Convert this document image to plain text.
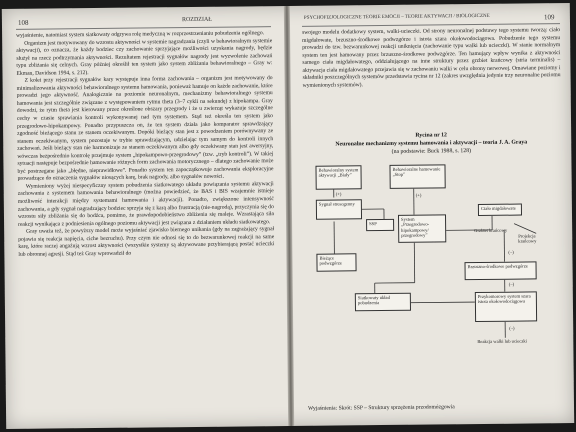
108	ROZDZIAŁ

wyjaśnienie, natomiast system siatkowaty odgrywa rolę medyczną w rozprzestrzenianiu pobudzenia ogólnego.

Organizm jest motywowany do wzrostu aktywności w systemie nagradzania (czyli w behawioralnym systemie aktywacji), co oznacza, że każdy bodziec czy zachowanie sprzyjające możliwości uzyskania nagrody, będzie służył na rzecz podtrzymania aktywności. Rezultatem rejestracji sygnałów nagrody jest wyzwolenie zachowań typu zbliżania się celnych. Gray później określił ten system jako system zbliżania behawioralnego – Gray w: Ekman, Davidson 1994, s. 212).

Z kolei przy rejestracji sygnałów kary występuje inna forma zachowania – organizm jest motywowany do minimalizowania aktywności behawioralnego systemu hamowania, ponieważ hamuje on każde zachowanie, które prowadzi jego aktywność. Analogicznie na poziomie neuronalnym, mechanizmy behawioralnego systemu hamowania jest szczególnie związane z występowaniem rytmu theta (3–7 cykli na sekundę) z hipokampa. Gray dowodzi, że rytm theta jest kierowany przez określone obszary przegrody i że u zwierząt wykazuje szczególne cechy w czasie sprawiania kontroli wykonywanej nad tym systemem. Stąd też określa ten system jako przegrodowo-hipokampowy. Ponadto przypuszcza on, że ten system działa jako komparator sprawdzający zgodność bieżącego stanu ze stanem oczekiwanym. Dopóki bieżący stan jest z powodzeniem porównywany ze stanem oczekiwanym, system pozostaje w trybie sprawdzającym, udzielając tym samym do kontroli innych zachowań. Jeśli bieżący stan nie harmonizuje ze stanem oczekiwanym albo gdy oczekiwany stan jest awersyjny, wówczas bezpośrednio kontrolę przejmuje system „hipokampowo-przegrodowy” (tzw. „tryb kontroli”). W takiej sytuacji następuje bezpośrednie hamowanie różnych form zachowania motorycznego – dlatego zachowanie może być postrzegane jako „błędne, nieprawidłowe”. Ponadto system ten zapoczątkowuje zachowania eksploracyjne prowadzące do oznaczenia sygnałów niosących karę, brak nagrody, albo sygnałów nowości.

Wymieniony wyżej niespecyficzny system pobudzenia siatkowatego układu powiązania systemu aktywacji zachowania z systemem hamowania behawioralnego (można powiedzieć, że BAS i BIS wzajemnie istnieje możliwość interakcji między systemami hamowania i aktywacji). Ponadto, zwiększone intensywność zachowania, a gdy sygnał nagradzający bodziec sprzyja się z karą albo frustracją (nie-nagrodą), przyczynia się do wzrostu siły zbliżania się do bodźca, pomimo, że prawdopodobieństwo zbliżenia się maleje. Wzrastająca siła reakcji wynikająca z podniesienia ogólnego poziomu aktywacji jest związana z działaniem układu siatkowatego.

Gray uważa też, że powyższy model może wyjaśniać zjawisko biernego unikania (gdy na zagrażający sygnał pojawia się reakcja napięcia, ciche bezruchu). Przy czym nie odnosi się to do bezwarunkowej reakcji na same karę, które raczej angażują wzrost aktywności (wszystkie systemy są aktywowane przybierającą postać ucieczki lub obronnej agresji. Stąd też Gray wprowadził do

PSYCHOFIZJOLOGICZNE TEORIE EMOCJI – TEORIE AKTYWACJI / BIOLOGICZNE	109

swojego modelu dodatkowy system, walki-ucieczki. Od strony neuronalnej podstawy tego systemu tworzą: ciało migdałowate, brzuszno-środkowe podwzgórze i istota szara okołowodociągowa. Pobudzenie tego systemu prowadzi do tzw. bezwarunkowej reakcji uniknięcia (zachowanie typu walki lub ucieczki). W stanie normalnym system ten jest hamowany przez brzuszno-środkowe podwzgórze. Ten hamujący wpływ wynika z aktywności samego ciała migdałowatego, oddziałującego na inne struktury przez grzbiet krańcowy (stria terminalis) – aktywacja ciała migdałowatego przejawia się w zachowaniu walki w celu obrony nerwowej. Omawiane poziomy i składniki poszczególnych systemów przedstawia rycina nr 12 (zakres uwzględnia jedynie trzy neuronalne poziomu wymienionych systemów).

Rycina nr 12
Neuronalne mechanizmy systemu hamowania i aktywacji – teoria J. A. Graya
(na podstawie: Buck 1988, s. 128)
Behawioralny system aktywacji „Biały”
Behawioralne hamowanie „Stop”
Sygnał stresogenny
SSP
System „Przegrodowo-hipokampowy/ przegrodowy”
Ciało migdałowate
Bieżące podwzgórze
Brzuszno-środkowe podwzgórze
Siatkowaty układ pobudzenia
Przykomorowy system szara istota okołowodociągowa
Reakcja walki lub ucieczki
Grzbiet krańcowy
Projekcja krańcowy
(+)	(+)
(–)
(–)
(–)
Wyjaśnienia: Skrót: SSP – Struktury sprzężenia przodomózgowia
